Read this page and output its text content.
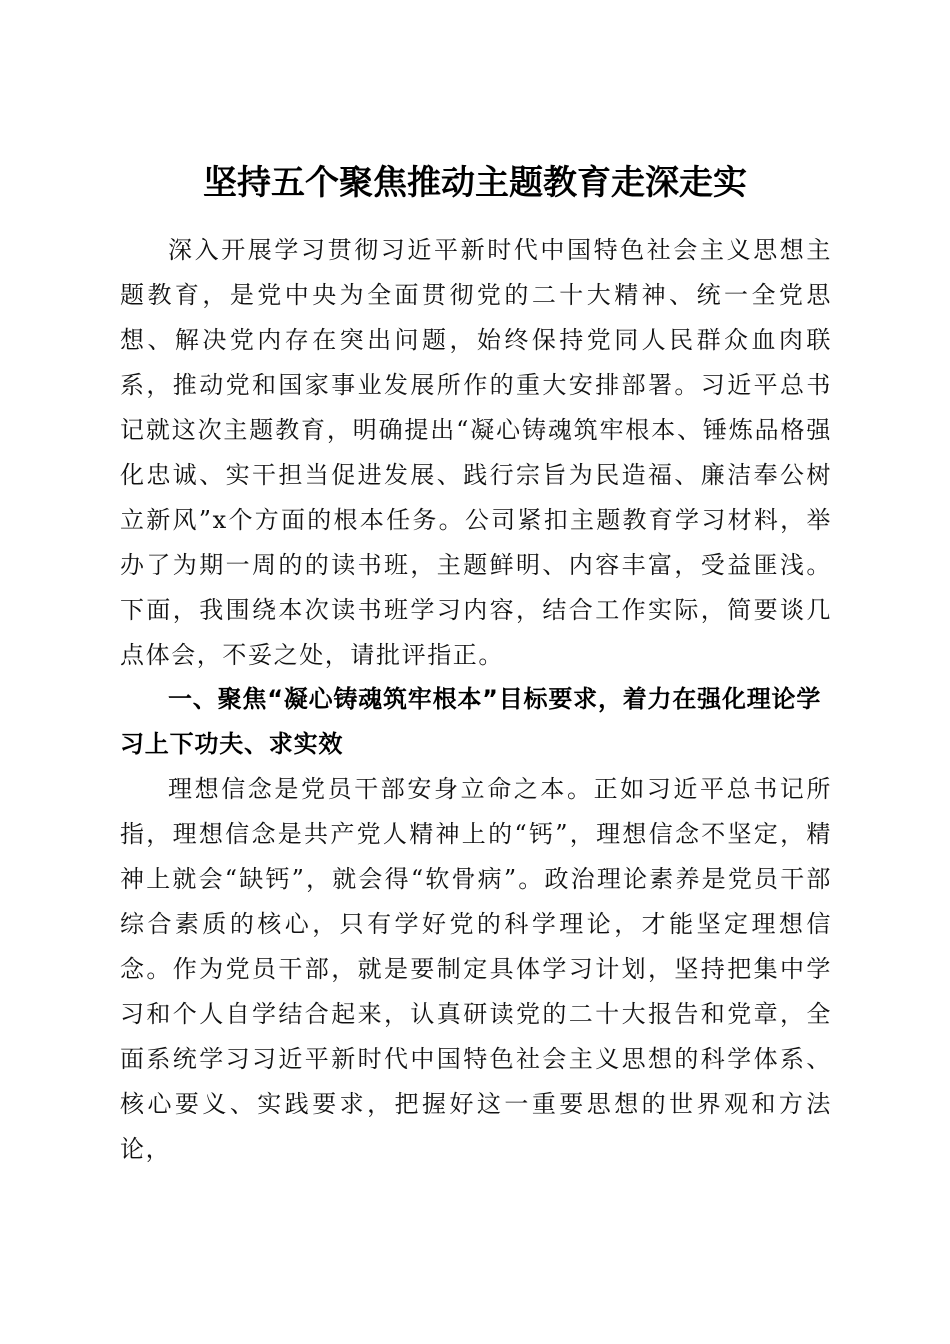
坚持五个聚焦推动主题教育走深走实

深入开展学习贯彻习近平新时代中国特色社会主义思想主题教育，是党中央为全面贯彻党的二十大精神、统一全党思想、解决党内存在突出问题，始终保持党同人民群众血肉联系，推动党和国家事业发展所作的重大安排部署。习近平总书记就这次主题教育，明确提出“凝心铸魂筑牢根本、锤炼品格强化忠诚、实干担当促进发展、践行宗旨为民造福、廉洁奉公树立新风”x个方面的根本任务。公司紧扣主题教育学习材料，举办了为期一周的的读书班，主题鲜明、内容丰富，受益匪浅。下面，我围绕本次读书班学习内容，结合工作实际，简要谈几点体会，不妥之处，请批评指正。

一、聚焦“凝心铸魂筑牢根本”目标要求，着力在强化理论学习上下功夫、求实效

理想信念是党员干部安身立命之本。正如习近平总书记所指，理想信念是共产党人精神上的“钙”，理想信念不坚定，精神上就会“缺钙”，就会得“软骨病”。政治理论素养是党员干部综合素质的核心，只有学好党的科学理论，才能坚定理想信念。作为党员干部，就是要制定具体学习计划，坚持把集中学习和个人自学结合起来，认真研读党的二十大报告和党章，全面系统学习习近平新时代中国特色社会主义思想的科学体系、核心要义、实践要求，把握好这一重要思想的世界观和方法论，
